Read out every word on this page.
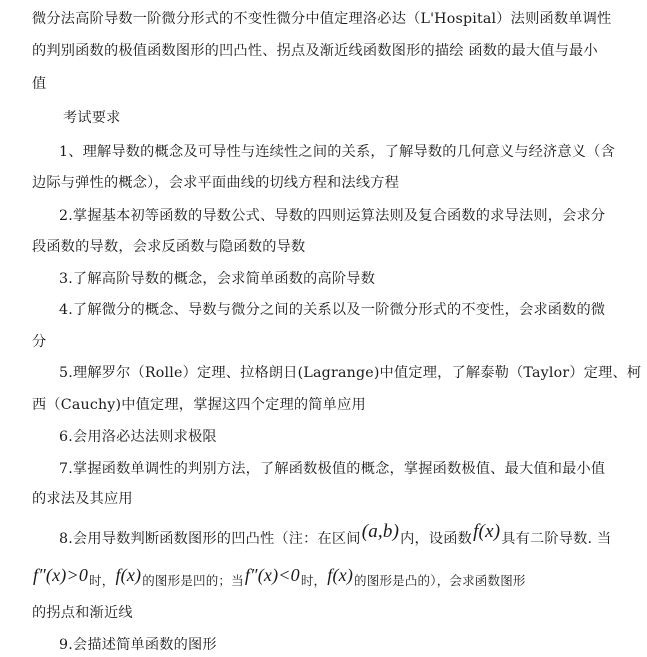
微分法高阶导数一阶微分形式的不变性微分中值定理洛必达（L'Hospital）法则函数单调性
的判别函数的极值函数图形的凹凸性、拐点及渐近线函数图形的描绘 函数的最大值与最小
值
考试要求
1、理解导数的概念及可导性与连续性之间的关系，了解导数的几何意义与经济意义（含
边际与弹性的概念），会求平面曲线的切线方程和法线方程
2.掌握基本初等函数的导数公式、导数的四则运算法则及复合函数的求导法则，会求分
段函数的导数，会求反函数与隐函数的导数
3.了解高阶导数的概念，会求简单函数的高阶导数
4.了解微分的概念、导数与微分之间的关系以及一阶微分形式的不变性，会求函数的微
分
5.理解罗尔（Rolle）定理、拉格朗日(Lagrange)中值定理，了解泰勒（Taylor）定理、柯
西（Cauchy)中值定理，掌握这四个定理的简单应用
6.会用洛必达法则求极限
7.掌握函数单调性的判别方法，了解函数极值的概念，掌握函数极值、最大值和最小值
的求法及其应用
8.会用导数判断函数图形的凹凸性（注：在区间(a,b)内，设函数f(x)具有二阶导数. 当
f″(x)>0时，f(x)的图形是凹的；当f″(x)<0时，f(x)的图形是凸的），会求函数图形
的拐点和渐近线
9.会描述简单函数的图形
